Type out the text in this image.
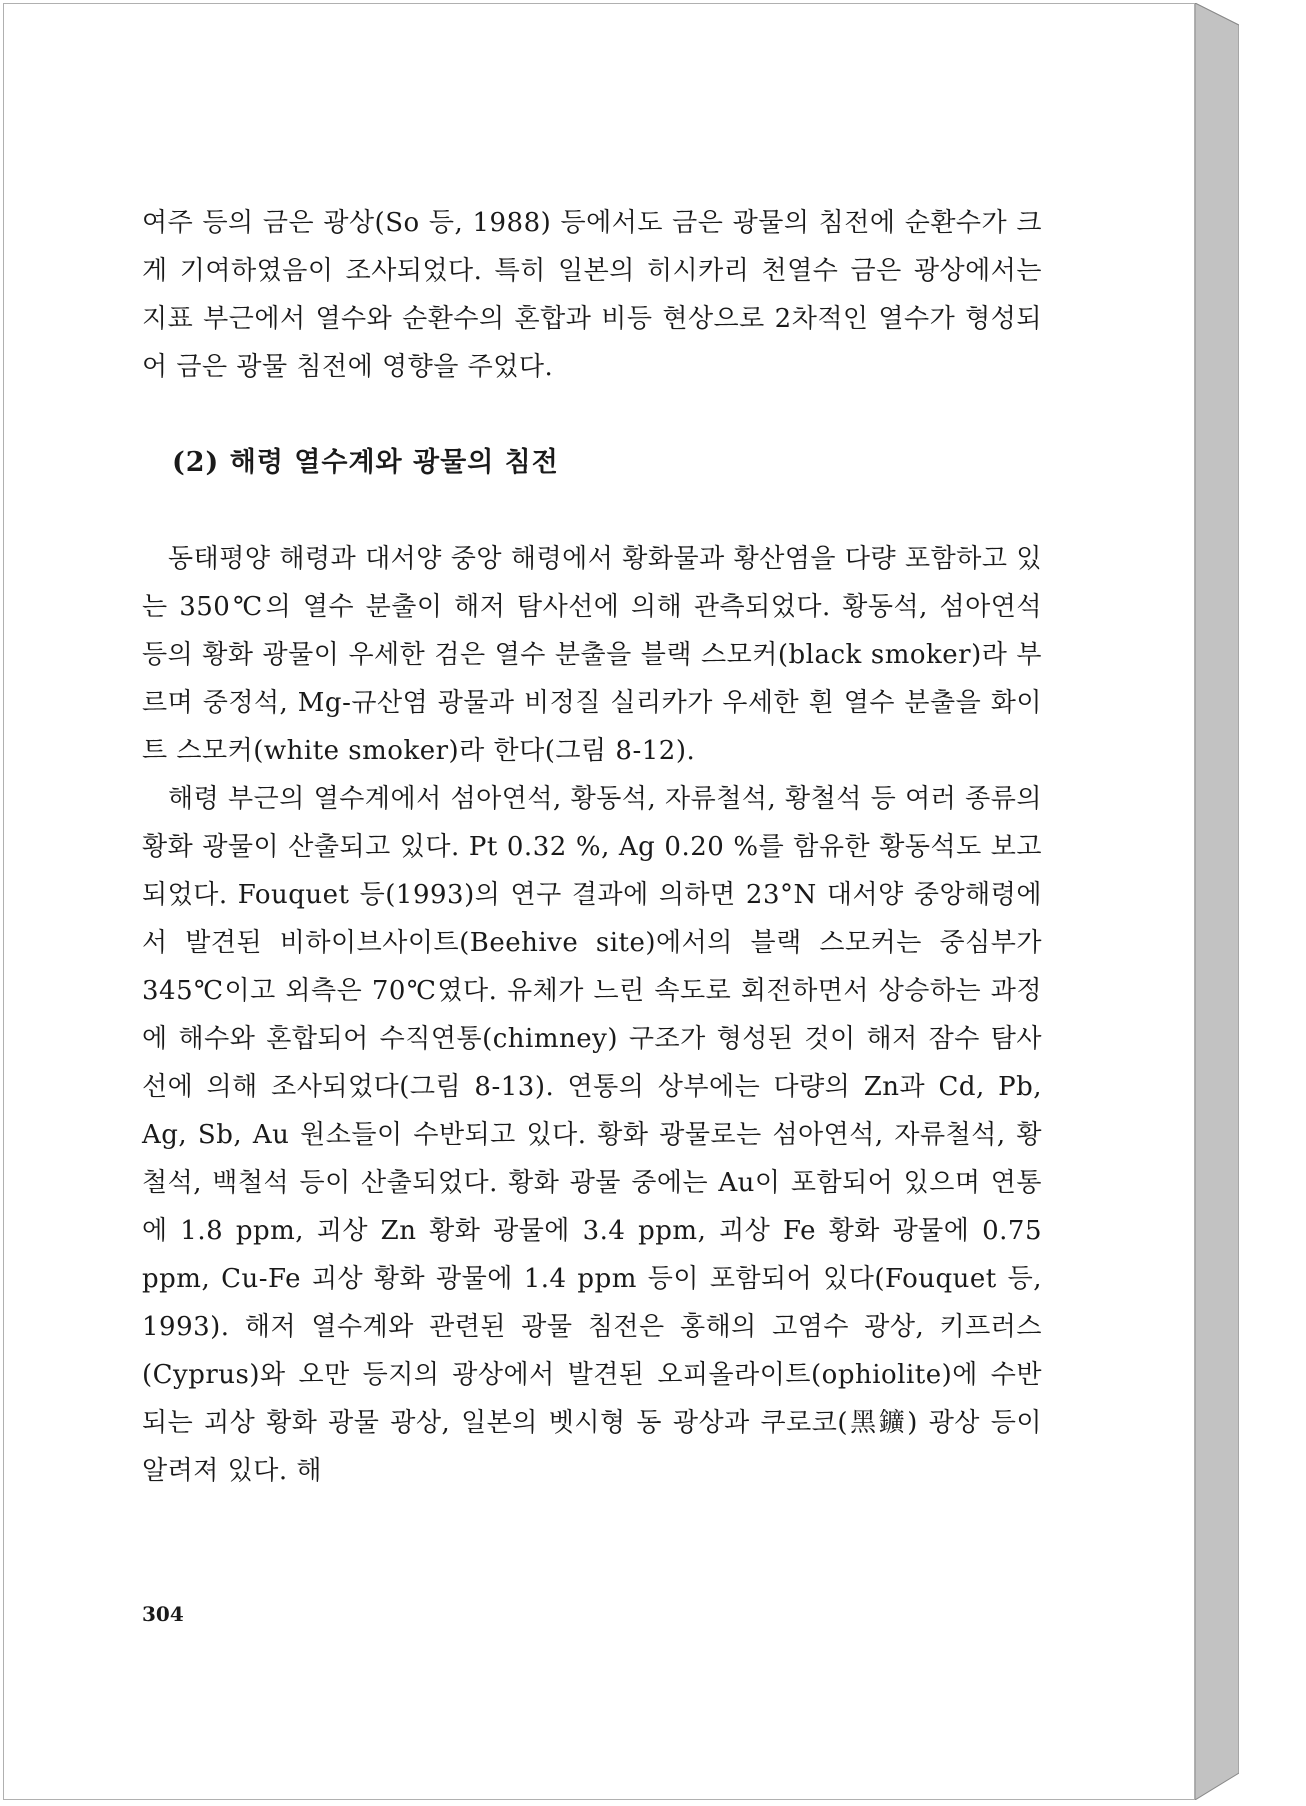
여주 등의 금은 광상(So 등, 1988) 등에서도 금은 광물의 침전에 순환수가 크게 기여하였음이 조사되었다. 특히 일본의 히시카리 천열수 금은 광상에서는 지표 부근에서 열수와 순환수의 혼합과 비등 현상으로 2차적인 열수가 형성되어 금은 광물 침전에 영향을 주었다.

(2) 해령 열수계와 광물의 침전

동태평양 해령과 대서양 중앙 해령에서 황화물과 황산염을 다량 포함하고 있는 350℃의 열수 분출이 해저 탐사선에 의해 관측되었다. 황동석, 섬아연석 등의 황화 광물이 우세한 검은 열수 분출을 블랙 스모커(black smoker)라 부르며 중정석, Mg-규산염 광물과 비정질 실리카가 우세한 흰 열수 분출을 화이트 스모커(white smoker)라 한다(그림 8-12).

해령 부근의 열수계에서 섬아연석, 황동석, 자류철석, 황철석 등 여러 종류의 황화 광물이 산출되고 있다. Pt 0.32 %, Ag 0.20 %를 함유한 황동석도 보고되었다. Fouquet 등(1993)의 연구 결과에 의하면 23°N 대서양 중앙해령에서 발견된 비하이브사이트(Beehive site)에서의 블랙 스모커는 중심부가 345℃이고 외측은 70℃였다. 유체가 느린 속도로 회전하면서 상승하는 과정에 해수와 혼합되어 수직연통(chimney) 구조가 형성된 것이 해저 잠수 탐사선에 의해 조사되었다(그림 8-13). 연통의 상부에는 다량의 Zn과 Cd, Pb, Ag, Sb, Au 원소들이 수반되고 있다. 황화 광물로는 섬아연석, 자류철석, 황철석, 백철석 등이 산출되었다. 황화 광물 중에는 Au이 포함되어 있으며 연통에 1.8 ppm, 괴상 Zn 황화 광물에 3.4 ppm, 괴상 Fe 황화 광물에 0.75 ppm, Cu-Fe 괴상 황화 광물에 1.4 ppm 등이 포함되어 있다(Fouquet 등, 1993). 해저 열수계와 관련된 광물 침전은 홍해의 고염수 광상, 키프러스(Cyprus)와 오만 등지의 광상에서 발견된 오피올라이트(ophiolite)에 수반되는 괴상 황화 광물 광상, 일본의 벳시형 동 광상과 쿠로코(黑鑛) 광상 등이 알려져 있다. 해

304
